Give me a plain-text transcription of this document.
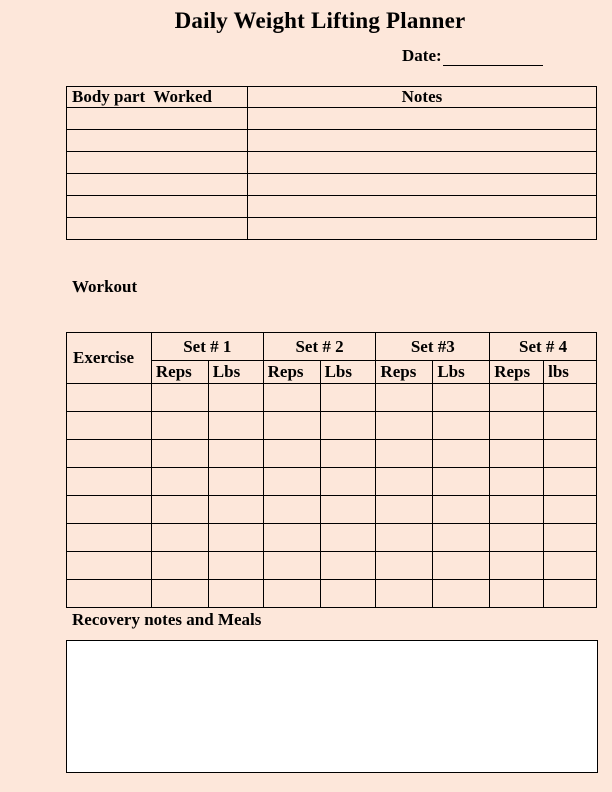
Daily Weight Lifting Planner
Date:
Body part  Worked	Notes

Workout
Exercise	Set # 1		Set # 2		Set #3		Set # 4	
	Reps	Lbs	Reps	Lbs	Reps	Lbs	Reps	lbs

Recovery notes and Meals
